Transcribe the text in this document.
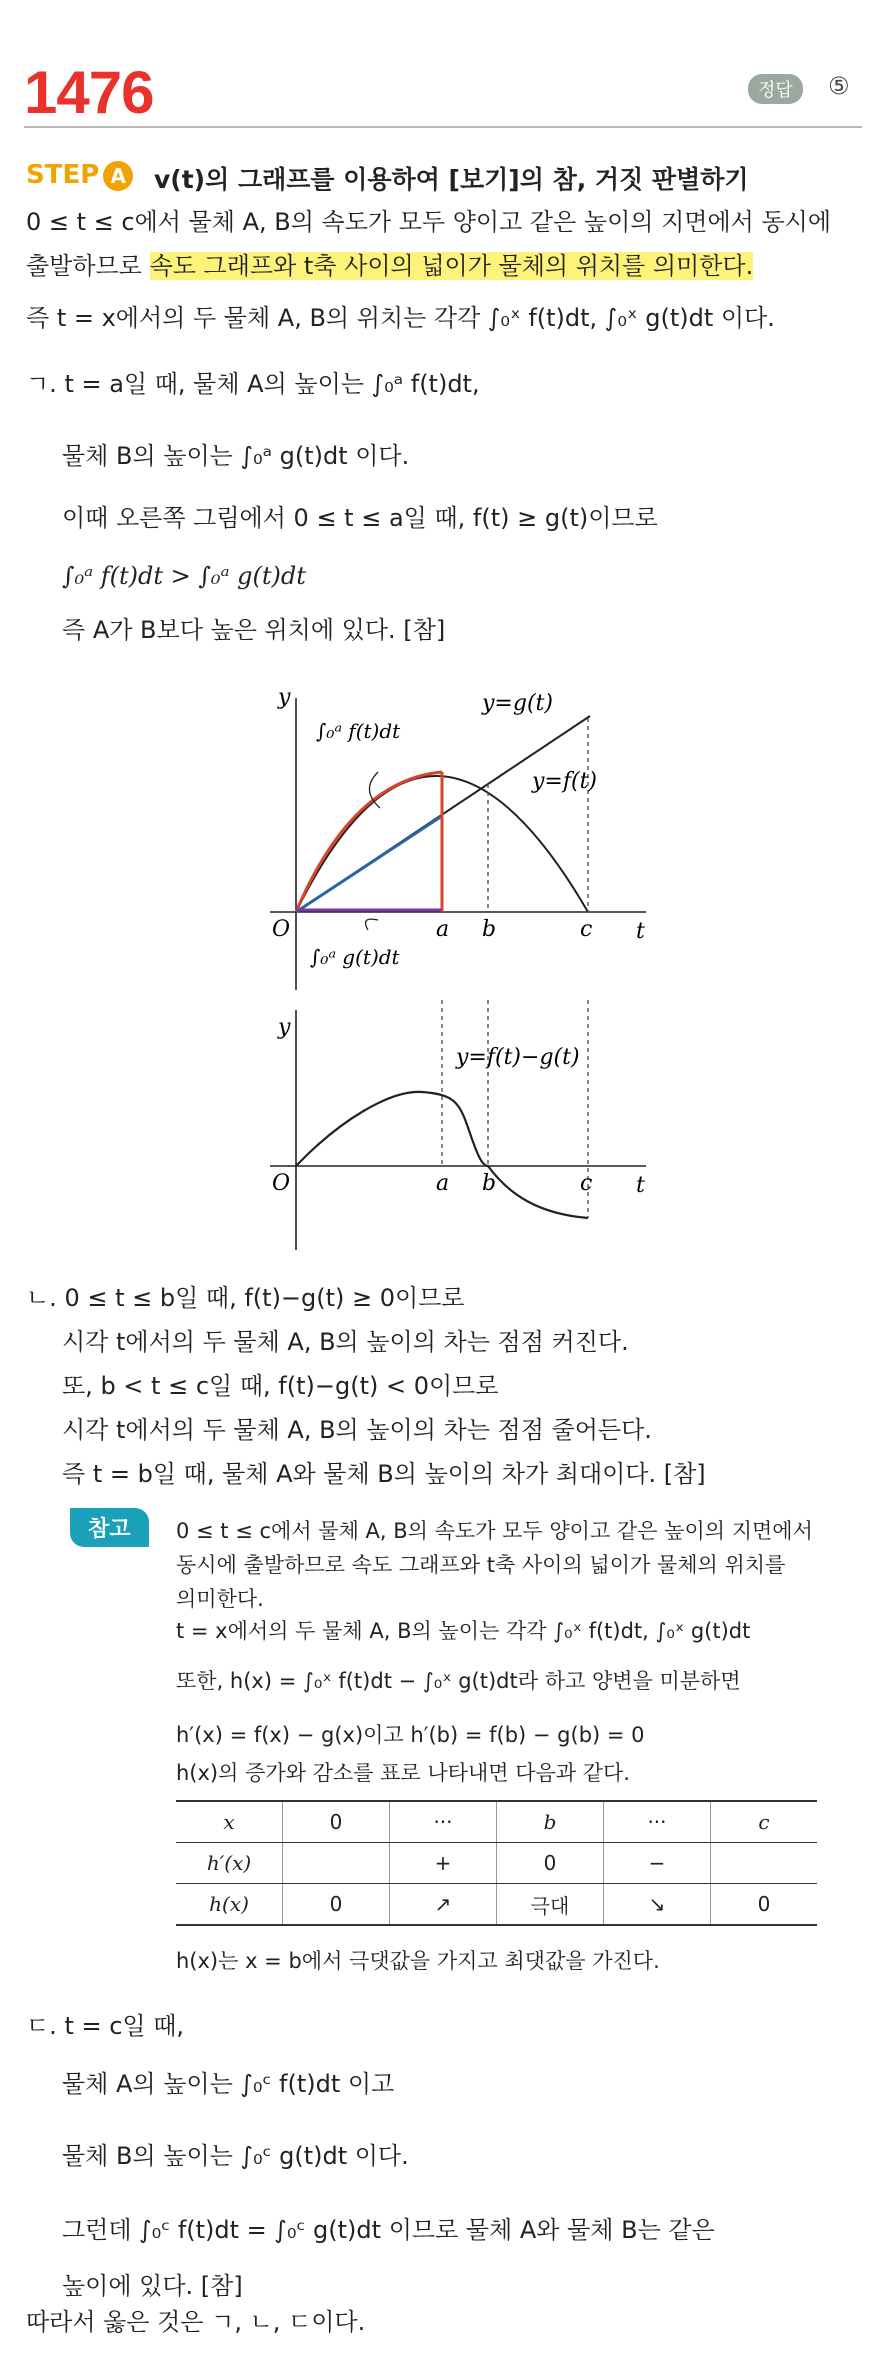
1476	정답	⑤
STEP A v(t)의 그래프를 이용하여 [보기]의 참, 거짓 판별하기
0 ≤ t ≤ c에서 물체 A, B의 속도가 모두 양이고 같은 높이의 지면에서 동시에
출발하므로 속도 그래프와 t축 사이의 넓이가 물체의 위치를 의미한다.
즉 t = x에서의 두 물체 A, B의 위치는 각각 ∫₀ˣ f(t)dt, ∫₀ˣ g(t)dt 이다.
ㄱ. t = a일 때, 물체 A의 높이는 ∫₀ᵃ f(t)dt,
물체 B의 높이는 ∫₀ᵃ g(t)dt 이다.
이때 오른쪽 그림에서 0 ≤ t ≤ a일 때, f(t) ≥ g(t)이므로
∫₀ᵃ f(t)dt > ∫₀ᵃ g(t)dt
즉 A가 B보다 높은 위치에 있다. [참]
y
t
O	a b	c
y=g(t)
y=f(t)
∫₀ᵃ f(t)dt
∫₀ᵃ g(t)dt
y
t
O	a b	c
y=f(t)−g(t)
ㄴ. 0 ≤ t ≤ b일 때, f(t)−g(t) ≥ 0이므로
시각 t에서의 두 물체 A, B의 높이의 차는 점점 커진다.
또, b < t ≤ c일 때, f(t)−g(t) < 0이므로
시각 t에서의 두 물체 A, B의 높이의 차는 점점 줄어든다.
즉 t = b일 때, 물체 A와 물체 B의 높이의 차가 최대이다. [참]
참고	0 ≤ t ≤ c에서 물체 A, B의 속도가 모두 양이고 같은 높이의 지면에서
동시에 출발하므로 속도 그래프와 t축 사이의 넓이가 물체의 위치를
의미한다.
t = x에서의 두 물체 A, B의 높이는 각각 ∫₀ˣ f(t)dt, ∫₀ˣ g(t)dt
또한, h(x) = ∫₀ˣ f(t)dt − ∫₀ˣ g(t)dt라 하고 양변을 미분하면
h′(x) = f(x) − g(x)이고 h′(b) = f(b) − g(b) = 0
h(x)의 증가와 감소를 표로 나타내면 다음과 같다.
x	0	···	b	···	c
h′(x)		+	0	−	
h(x)	0	↗	극대	↘	0
h(x)는 x = b에서 극댓값을 가지고 최댓값을 가진다.
ㄷ. t = c일 때,
물체 A의 높이는 ∫₀ᶜ f(t)dt 이고
물체 B의 높이는 ∫₀ᶜ g(t)dt 이다.
그런데 ∫₀ᶜ f(t)dt = ∫₀ᶜ g(t)dt 이므로 물체 A와 물체 B는 같은
높이에 있다. [참]
따라서 옳은 것은 ㄱ, ㄴ, ㄷ이다.
